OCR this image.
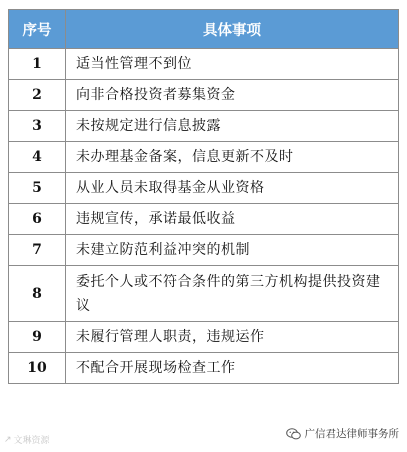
序号	具体事项
1	适当性管理不到位
2	向非合格投资者募集资金
3	未按规定进行信息披露
4	未办理基金备案，信息更新不及时
5	从业人员未取得基金从业资格
6	违规宣传，承诺最低收益
7	未建立防范利益冲突的机制
8	委托个人或不符合条件的第三方机构提供投资建议
9	未履行管理人职责，违规运作
10	不配合开展现场检查工作
↗ 文琳资源
广信君达律师事务所
